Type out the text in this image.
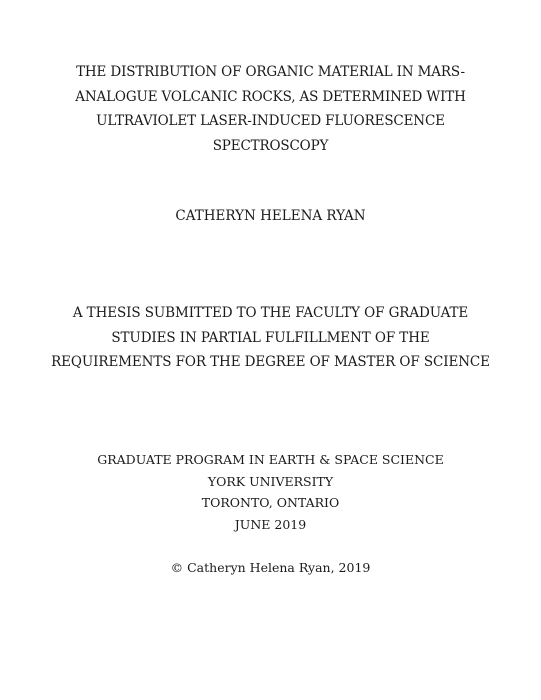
THE DISTRIBUTION OF ORGANIC MATERIAL IN MARS-
ANALOGUE VOLCANIC ROCKS, AS DETERMINED WITH
ULTRAVIOLET LASER-INDUCED FLUORESCENCE
SPECTROSCOPY
CATHERYN HELENA RYAN
A THESIS SUBMITTED TO THE FACULTY OF GRADUATE
STUDIES IN PARTIAL FULFILLMENT OF THE
REQUIREMENTS FOR THE DEGREE OF MASTER OF SCIENCE
GRADUATE PROGRAM IN EARTH & SPACE SCIENCE
YORK UNIVERSITY
TORONTO, ONTARIO
JUNE 2019
© Catheryn Helena Ryan, 2019
